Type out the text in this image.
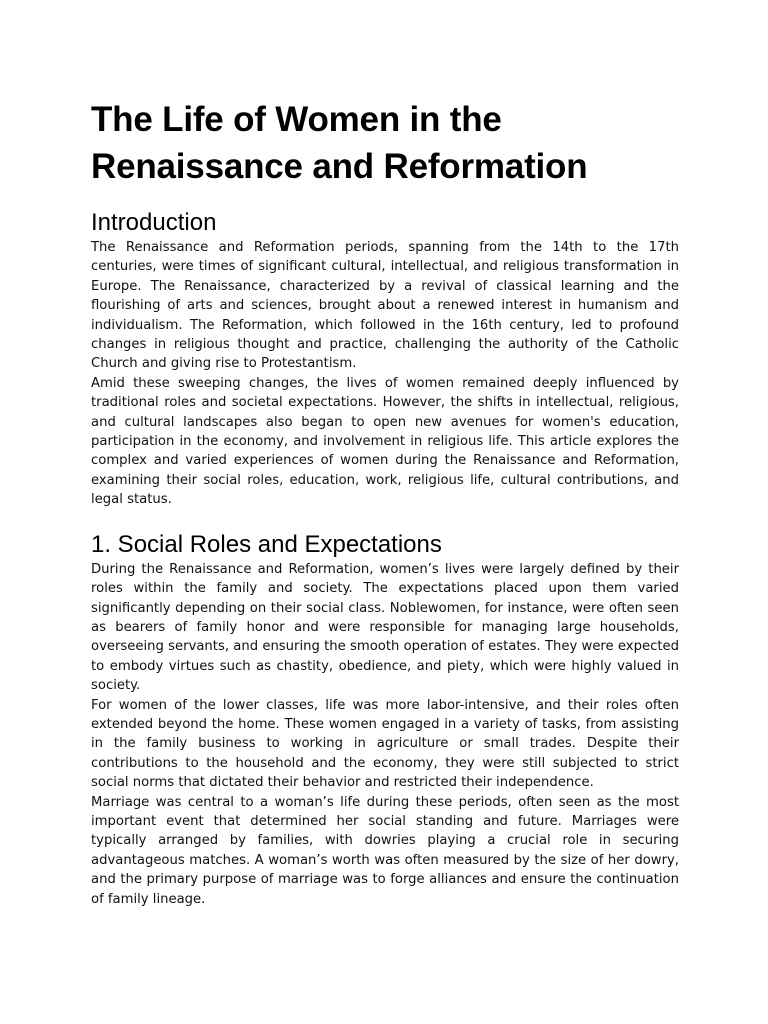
The Life of Women in the Renaissance and Reformation
Introduction

The Renaissance and Reformation periods, spanning from the 14th to the 17th centuries, were times of significant cultural, intellectual, and religious transformation in Europe. The Renaissance, characterized by a revival of classical learning and the flourishing of arts and sciences, brought about a renewed interest in humanism and individualism. The Reformation, which followed in the 16th century, led to profound changes in religious thought and practice, challenging the authority of the Catholic Church and giving rise to Protestantism.

Amid these sweeping changes, the lives of women remained deeply influenced by traditional roles and societal expectations. However, the shifts in intellectual, religious, and cultural landscapes also began to open new avenues for women's education, participation in the economy, and involvement in religious life. This article explores the complex and varied experiences of women during the Renaissance and Reformation, examining their social roles, education, work, religious life, cultural contributions, and legal status.

1. Social Roles and Expectations

During the Renaissance and Reformation, women’s lives were largely defined by their roles within the family and society. The expectations placed upon them varied significantly depending on their social class. Noblewomen, for instance, were often seen as bearers of family honor and were responsible for managing large households, overseeing servants, and ensuring the smooth operation of estates. They were expected to embody virtues such as chastity, obedience, and piety, which were highly valued in society.

For women of the lower classes, life was more labor-intensive, and their roles often extended beyond the home. These women engaged in a variety of tasks, from assisting in the family business to working in agriculture or small trades. Despite their contributions to the household and the economy, they were still subjected to strict social norms that dictated their behavior and restricted their independence.

Marriage was central to a woman’s life during these periods, often seen as the most important event that determined her social standing and future. Marriages were typically arranged by families, with dowries playing a crucial role in securing advantageous matches. A woman’s worth was often measured by the size of her dowry, and the primary purpose of marriage was to forge alliances and ensure the continuation of family lineage.
